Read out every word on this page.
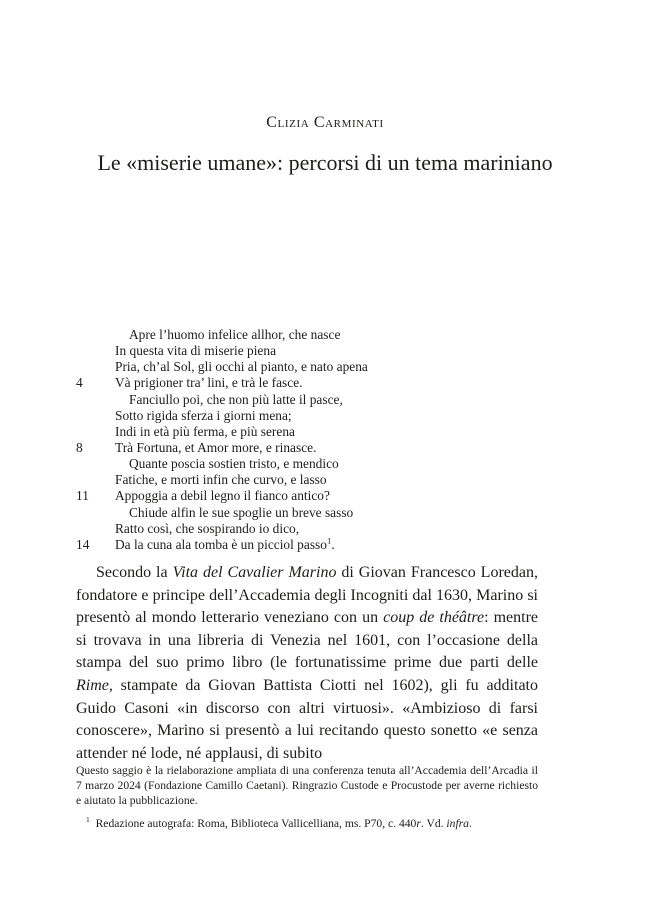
Clizia Carminati
Le «miserie umane»: percorsi di un tema mariniano
Apre l’huomo infelice allhor, che nasce
In questa vita di miserie piena
Pria, ch’al Sol, gli occhi al pianto, e nato apena
4	Và prigioner tra’ lini, e trà le fasce.
Fanciullo poi, che non più latte il pasce,
Sotto rigida sferza i giorni mena;
Indi in età più ferma, e più serena
8	Trà Fortuna, et Amor more, e rinasce.
Quante poscia sostien tristo, e mendico
Fatiche, e morti infin che curvo, e lasso
11	Appoggia a debil legno il fianco antico?
Chiude alfin le sue spoglie un breve sasso
Ratto così, che sospirando io dico,
14	Da la cuna ala tomba è un picciol passo$^1$.

Secondo la Vita del Cavalier Marino di Giovan Francesco Loredan, fondatore e principe dell’Accademia degli Incogniti dal 1630, Marino si presentò al mondo letterario veneziano con un coup de théâtre: mentre si trovava in una libreria di Venezia nel 1601, con l’occasione della stampa del suo primo libro (le fortunatissime prime due parti delle Rime, stampate da Giovan Battista Ciotti nel 1602), gli fu additato Guido Casoni «in discorso con altri virtuosi». «Ambizioso di farsi conoscere», Marino si presentò a lui recitando questo sonetto «e senza attender né lode, né applausi, di subito

Questo saggio è la rielaborazione ampliata di una conferenza tenuta all’Accademia dell’Arcadia il 7 marzo 2024 (Fondazione Camillo Caetani). Ringrazio Custode e Procustode per averne richiesto e aiutato la pubblicazione.

$^1$ Redazione autografa: Roma, Biblioteca Vallicelliana, ms. P70, c. 440r. Vd. infra.
